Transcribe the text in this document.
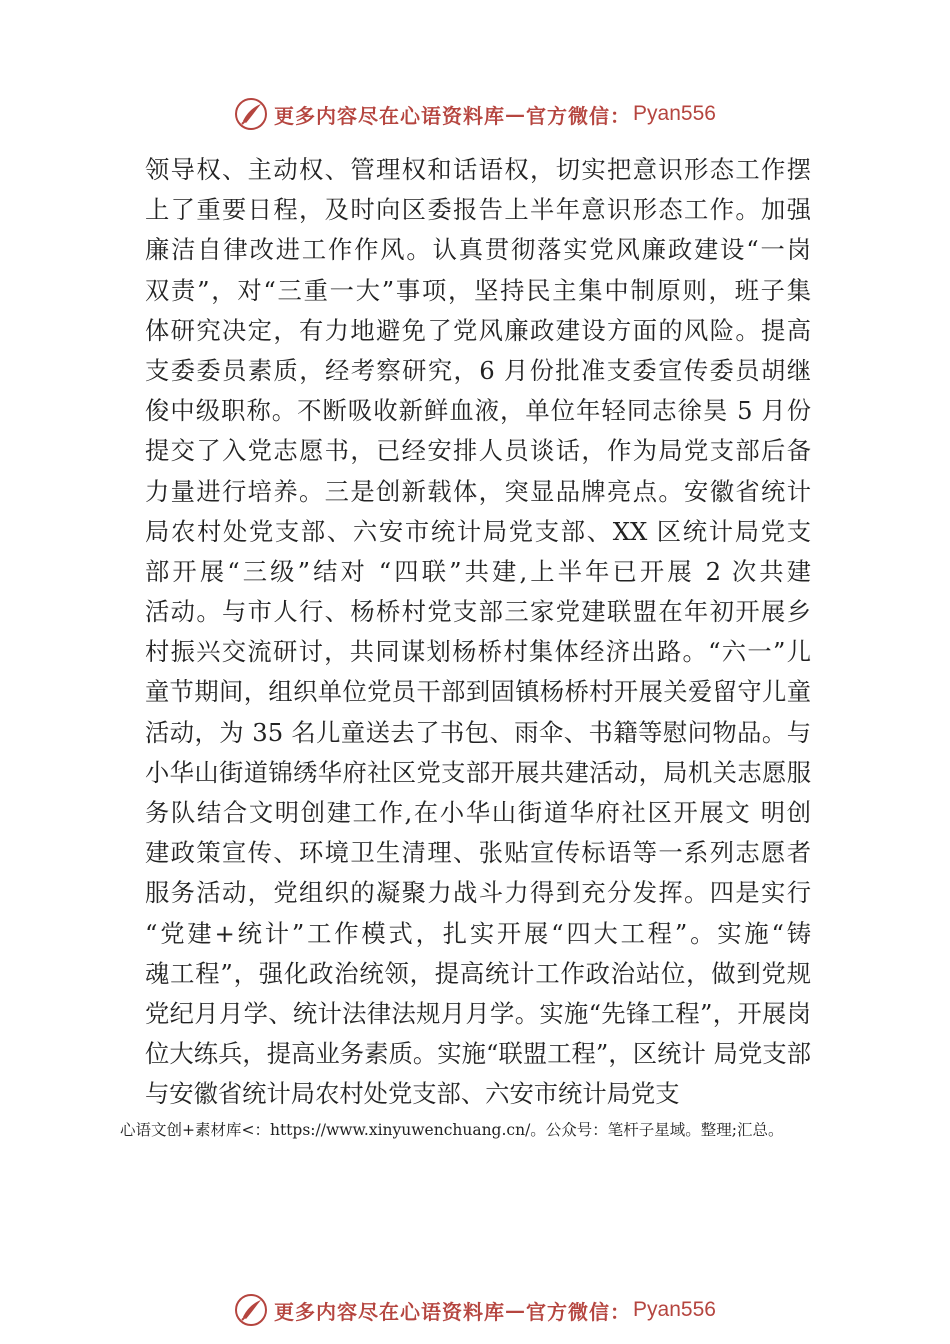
更多内容尽在心语资料库 — 官方微信： Pyan556
领导权、主动权、管理权和话语权，切实把意识形态工作摆
上了重要日程，及时向区委报告上半年意识形态工作。加强
廉洁自律改进工作作风。认真贯彻落实党风廉政建设“一岗
双责”，对“三重一大”事项，坚持民主集中制原则，班子集
体研究决定，有力地避免了党风廉政建设方面的风险。提高
支委委员素质，经考察研究，6 月份批准支委宣传委员胡继
俊中级职称。不断吸收新鲜血液，单位年轻同志徐昊 5 月份
提交了入党志愿书，已经安排人员谈话，作为局党支部后备
力量进行培养。三是创新载体，突显品牌亮点。安徽省统计
局农村处党支部、六安市统计局党支部、XX 区统计局党支
部开展“三级”结对 “四联”共建,上半年已开展 2 次共建
活动。与市人行、杨桥村党支部三家党建联盟在年初开展乡
村振兴交流研讨，共同谋划杨桥村集体经济出路。“六一”儿
童节期间，组织单位党员干部到固镇杨桥村开展关爱留守儿童
活动，为 35 名儿童送去了书包、雨伞、书籍等慰问物品。与
小华山街道锦绣华府社区党支部开展共建活动，局机关志愿服
务队结合文明创建工作,在小华山街道华府社区开展文 明创
建政策宣传、环境卫生清理、张贴宣传标语等一系列志愿者
服务活动，党组织的凝聚力战斗力得到充分发挥。四是实行
“党建+统计”工作模式，扎实开展“四大工程”。实施“铸
魂工程”，强化政治统领，提高统计工作政治站位，做到党规
党纪月月学、统计法律法规月月学。实施“先锋工程”，开展岗
位大练兵，提高业务素质。实施“联盟工程”，区统计 局党支部
与安徽省统计局农村处党支部、六安市统计局党支
心语文创+素材库<：https://www.xinyuwenchuang.cn/。公众号：笔杆子星域。整理;汇总。
更多内容尽在心语资料库 — 官方微信： Pyan556
